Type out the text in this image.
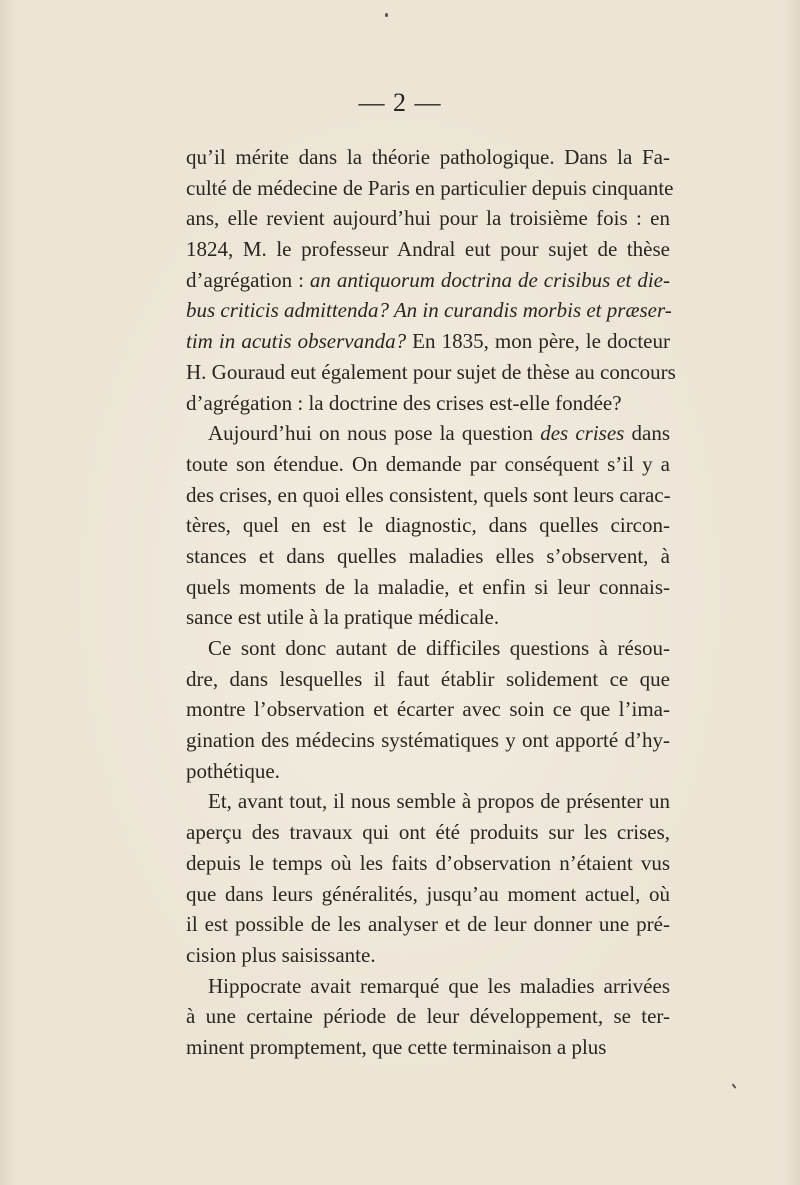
— 2 —
qu’il mérite dans la théorie pathologique. Dans la Fa-
culté de médecine de Paris en particulier depuis cinquante
ans, elle revient aujourd’hui pour la troisième fois : en
1824, M. le professeur Andral eut pour sujet de thèse
d’agrégation : an antiquorum doctrina de crisibus et die-
bus criticis admittenda? An in curandis morbis et præser-
tim in acutis observanda? En 1835, mon père, le docteur
H. Gouraud eut également pour sujet de thèse au concours
d’agrégation : la doctrine des crises est-elle fondée?
Aujourd’hui on nous pose la question des crises dans
toute son étendue. On demande par conséquent s’il y a
des crises, en quoi elles consistent, quels sont leurs carac-
tères, quel en est le diagnostic, dans quelles circon-
stances et dans quelles maladies elles s’observent, à
quels moments de la maladie, et enfin si leur connais-
sance est utile à la pratique médicale.
Ce sont donc autant de difficiles questions à résou-
dre, dans lesquelles il faut établir solidement ce que
montre l’observation et écarter avec soin ce que l’ima-
gination des médecins systématiques y ont apporté d’hy-
pothétique.
Et, avant tout, il nous semble à propos de présenter un
aperçu des travaux qui ont été produits sur les crises,
depuis le temps où les faits d’observation n’étaient vus
que dans leurs généralités, jusqu’au moment actuel, où
il est possible de les analyser et de leur donner une pré-
cision plus saisissante.
Hippocrate avait remarqué que les maladies arrivées
à une certaine période de leur développement, se ter-
minent promptement, que cette terminaison a plus
